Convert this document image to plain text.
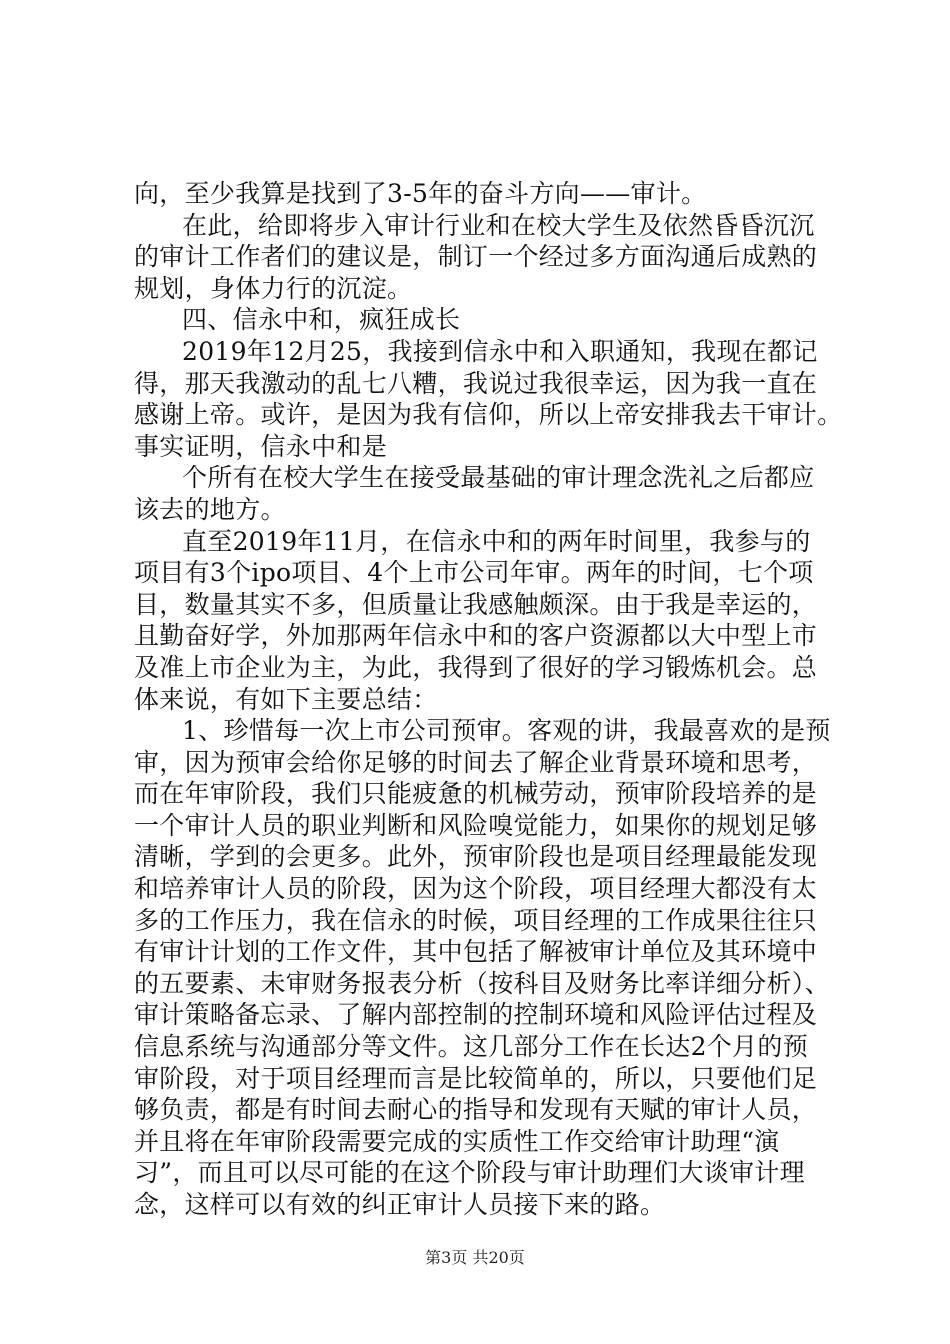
向，至少我算是找到了3-5年的奋斗方向——审计。
在此，给即将步入审计行业和在校大学生及依然昏昏沉沉
的审计工作者们的建议是，制订一个经过多方面沟通后成熟的
规划，身体力行的沉淀。
四、信永中和，疯狂成长
2019年12月25，我接到信永中和入职通知，我现在都记
得，那天我激动的乱七八糟，我说过我很幸运，因为我一直在
感谢上帝。或许，是因为我有信仰，所以上帝安排我去干审计。
事实证明，信永中和是
个所有在校大学生在接受最基础的审计理念洗礼之后都应
该去的地方。
直至2019年11月，在信永中和的两年时间里，我参与的
项目有3个ipo项目、4个上市公司年审。两年的时间，七个项
目，数量其实不多，但质量让我感触颇深。由于我是幸运的，
且勤奋好学，外加那两年信永中和的客户资源都以大中型上市
及准上市企业为主，为此，我得到了很好的学习锻炼机会。总
体来说，有如下主要总结：
1、珍惜每一次上市公司预审。客观的讲，我最喜欢的是预
审，因为预审会给你足够的时间去了解企业背景环境和思考，
而在年审阶段，我们只能疲惫的机械劳动，预审阶段培养的是
一个审计人员的职业判断和风险嗅觉能力，如果你的规划足够
清晰，学到的会更多。此外，预审阶段也是项目经理最能发现
和培养审计人员的阶段，因为这个阶段，项目经理大都没有太
多的工作压力，我在信永的时候，项目经理的工作成果往往只
有审计计划的工作文件，其中包括了解被审计单位及其环境中
的五要素、未审财务报表分析（按科目及财务比率详细分析）、
审计策略备忘录、了解内部控制的控制环境和风险评估过程及
信息系统与沟通部分等文件。这几部分工作在长达2个月的预
审阶段，对于项目经理而言是比较简单的，所以，只要他们足
够负责，都是有时间去耐心的指导和发现有天赋的审计人员，
并且将在年审阶段需要完成的实质性工作交给审计助理“演
习”，而且可以尽可能的在这个阶段与审计助理们大谈审计理
念，这样可以有效的纠正审计人员接下来的路。
第3页 共20页
